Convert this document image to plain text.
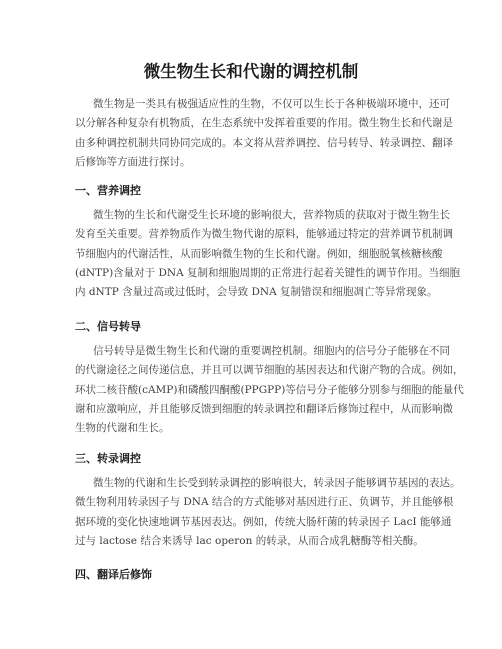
微生物生长和代谢的调控机制

微生物是一类具有极强适应性的生物，不仅可以生长于各种极端环境中，还可
以分解各种复杂有机物质，在生态系统中发挥着重要的作用。微生物生长和代谢是
由多种调控机制共同协同完成的。本文将从营养调控、信号转导、转录调控、翻译
后修饰等方面进行探讨。

一、营养调控

微生物的生长和代谢受生长环境的影响很大，营养物质的获取对于微生物生长
发育至关重要。营养物质作为微生物代谢的原料，能够通过特定的营养调节机制调
节细胞内的代谢活性，从而影响微生物的生长和代谢。例如，细胞脱氧核糖核酸
(dNTP)含量对于 DNA 复制和细胞周期的正常进行起着关键性的调节作用。当细胞
内 dNTP 含量过高或过低时，会导致 DNA 复制错误和细胞凋亡等异常现象。

二、信号转导

信号转导是微生物生长和代谢的重要调控机制。细胞内的信号分子能够在不同
的代谢途径之间传递信息，并且可以调节细胞的基因表达和代谢产物的合成。例如，
环状二核苷酸(cAMP)和磷酸四酮酸(PPGPP)等信号分子能够分别参与细胞的能量代
谢和应激响应，并且能够反馈到细胞的转录调控和翻译后修饰过程中，从而影响微
生物的代谢和生长。

三、转录调控

微生物的代谢和生长受到转录调控的影响很大，转录因子能够调节基因的表达。
微生物利用转录因子与 DNA 结合的方式能够对基因进行正、负调节，并且能够根
据环境的变化快速地调节基因表达。例如，传统大肠杆菌的转录因子 LacI 能够通
过与 lactose 结合来诱导 lac operon 的转录，从而合成乳糖酶等相关酶。

四、翻译后修饰
